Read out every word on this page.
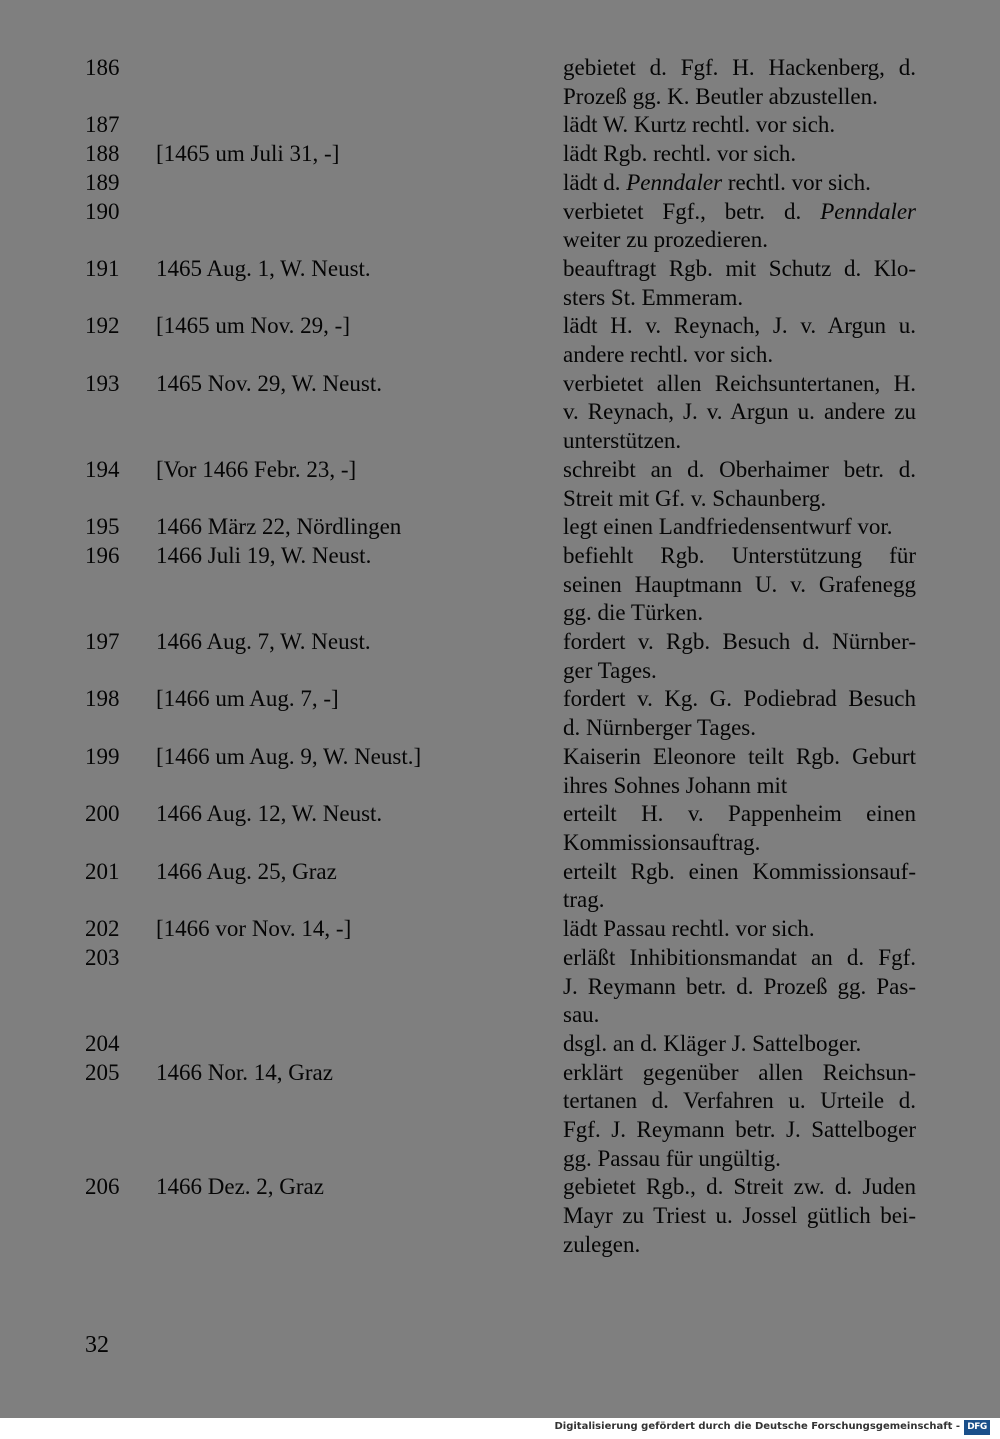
186	gebietet d. Fgf. H. Hackenberg, d.
Prozeß gg. K. Beutler abzustellen.
187	lädt W. Kurtz rechtl. vor sich.
188 [1465 um Juli 31, -]	lädt Rgb. rechtl. vor sich.
189	lädt d. Penndaler rechtl. vor sich.
190	verbietet Fgf., betr. d. Penndaler
weiter zu prozedieren.
191 1465 Aug. 1, W. Neust.	beauftragt Rgb. mit Schutz d. Klo-
sters St. Emmeram.
192 [1465 um Nov. 29, -]	lädt H. v. Reynach, J. v. Argun u.
andere rechtl. vor sich.
193 1465 Nov. 29, W. Neust.	verbietet allen Reichsuntertanen, H.
v. Reynach, J. v. Argun u. andere zu
unterstützen.
194 [Vor 1466 Febr. 23, -]	schreibt an d. Oberhaimer betr. d.
Streit mit Gf. v. Schaunberg.
195 1466 März 22, Nördlingen	legt einen Landfriedensentwurf vor.
196 1466 Juli 19, W. Neust.	befiehlt Rgb. Unterstützung für
seinen Hauptmann U. v. Grafenegg
gg. die Türken.
197 1466 Aug. 7, W. Neust.	fordert v. Rgb. Besuch d. Nürnber-
ger Tages.
198 [1466 um Aug. 7, -]	fordert v. Kg. G. Podiebrad Besuch
d. Nürnberger Tages.
199 [1466 um Aug. 9, W. Neust.]	Kaiserin Eleonore teilt Rgb. Geburt
ihres Sohnes Johann mit
200 1466 Aug. 12, W. Neust.	erteilt H. v. Pappenheim einen
Kommissionsauftrag.
201 1466 Aug. 25, Graz	erteilt Rgb. einen Kommissionsauf-
trag.
202 [1466 vor Nov. 14, -]	lädt Passau rechtl. vor sich.
203	erläßt Inhibitionsmandat an d. Fgf.
J. Reymann betr. d. Prozeß gg. Pas-
sau.
204	dsgl. an d. Kläger J. Sattelboger.
205 1466 Nor. 14, Graz	erklärt gegenüber allen Reichsun-
tertanen d. Verfahren u. Urteile d.
Fgf. J. Reymann betr. J. Sattelboger
gg. Passau für ungültig.
206 1466 Dez. 2, Graz	gebietet Rgb., d. Streit zw. d. Juden
Mayr zu Triest u. Jossel gütlich bei-
zulegen.
32
Digitalisierung gefördert durch die Deutsche Forschungsgemeinschaft - DFG
